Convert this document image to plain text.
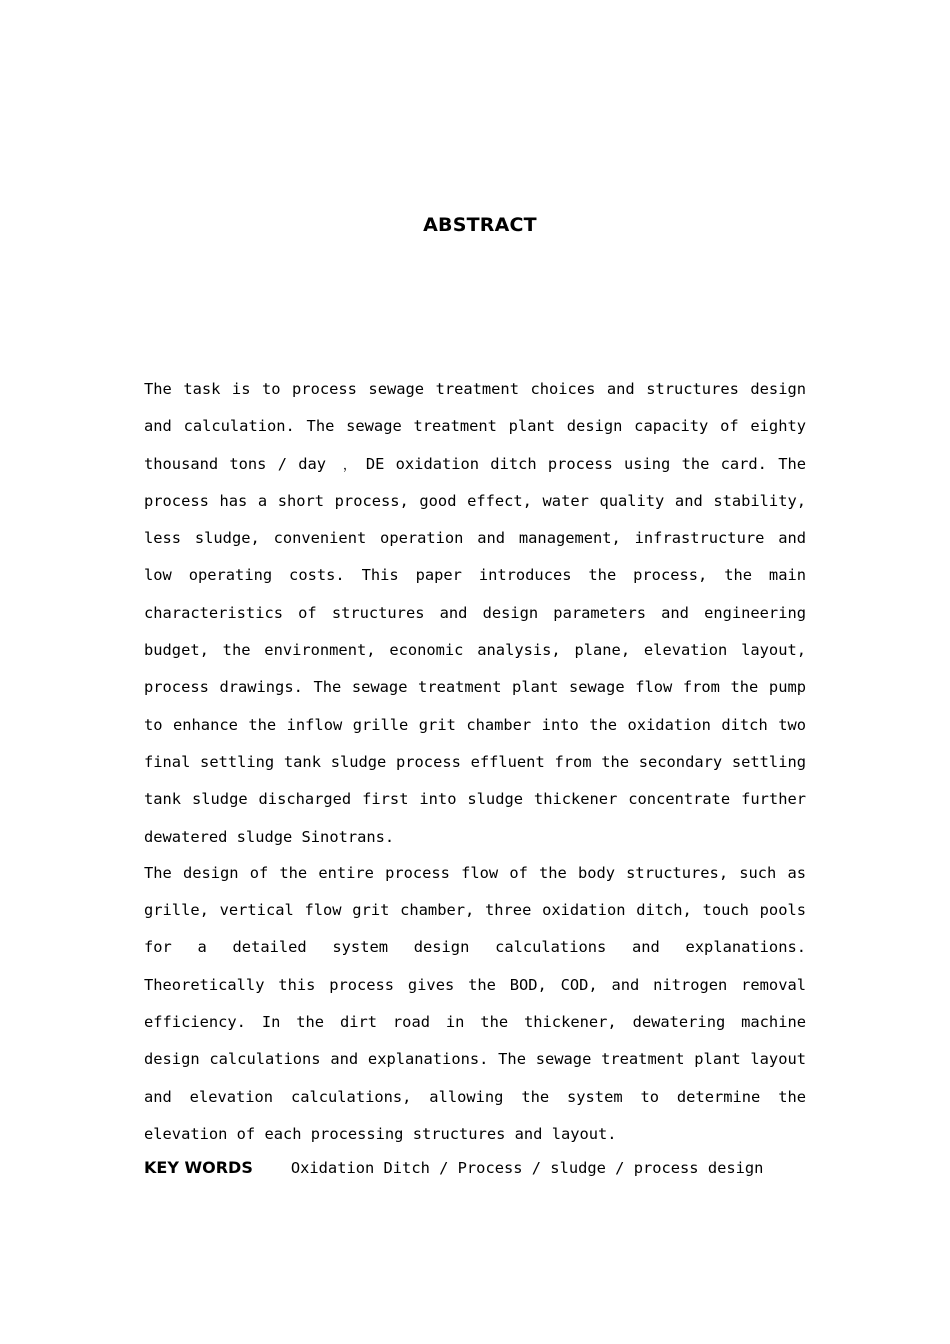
ABSTRACT

The task is to process sewage treatment choices and structures design and calculation. The sewage treatment plant design capacity of eighty thousand tons / day ﹐ DE oxidation ditch process using the card. The process has a short process, good effect, water quality and stability, less sludge, convenient operation and management, infrastructure and low operating costs. This paper introduces the process, the main characteristics of structures and design parameters and engineering budget, the environment, economic analysis, plane, elevation layout, process drawings. The sewage treatment plant sewage flow from the pump to enhance the inflow grille grit chamber into the oxidation ditch two final settling tank sludge process effluent from the secondary settling tank sludge discharged first into sludge thickener concentrate further dewatered sludge Sinotrans.

The design of the entire process flow of the body structures, such as grille, vertical flow grit chamber, three oxidation ditch, touch pools for a detailed system design calculations and explanations. Theoretically this process gives the BOD, COD, and nitrogen removal efficiency. In the dirt road in the thickener, dewatering machine design calculations and explanations. The sewage treatment plant layout and elevation calculations, allowing the system to determine the elevation of each processing structures and layout.

KEY WORDS Oxidation Ditch / Process / sludge / process design
